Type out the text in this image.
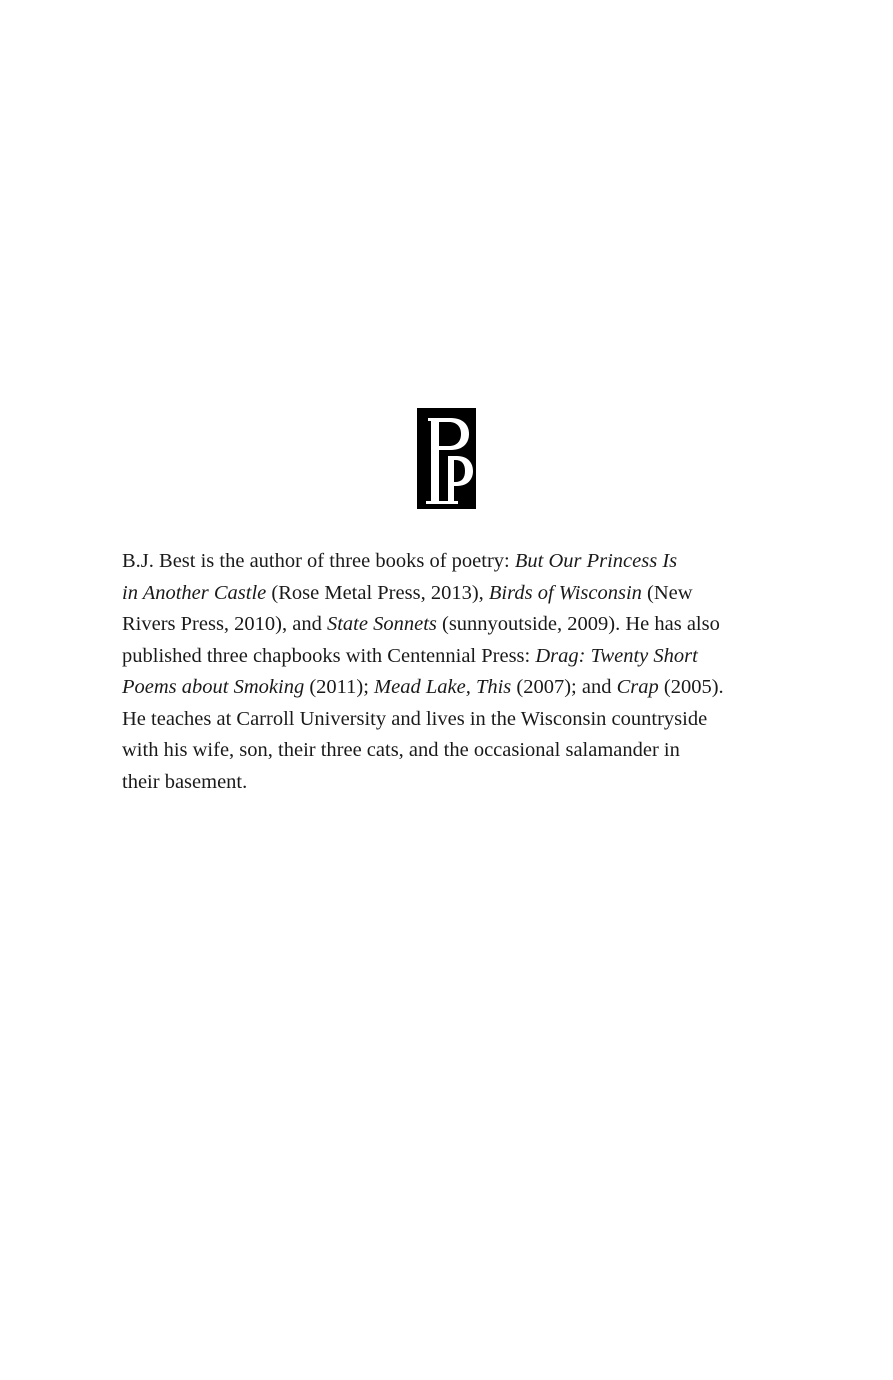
B.J. Best is the author of three books of poetry: But Our Princess Is
in Another Castle (Rose Metal Press, 2013), Birds of Wisconsin (New
Rivers Press, 2010), and State Sonnets (sunnyoutside, 2009). He has also
published three chapbooks with Centennial Press: Drag: Twenty Short
Poems about Smoking (2011); Mead Lake, This (2007); and Crap (2005).
He teaches at Carroll University and lives in the Wisconsin countryside
with his wife, son, their three cats, and the occasional salamander in
their basement.
